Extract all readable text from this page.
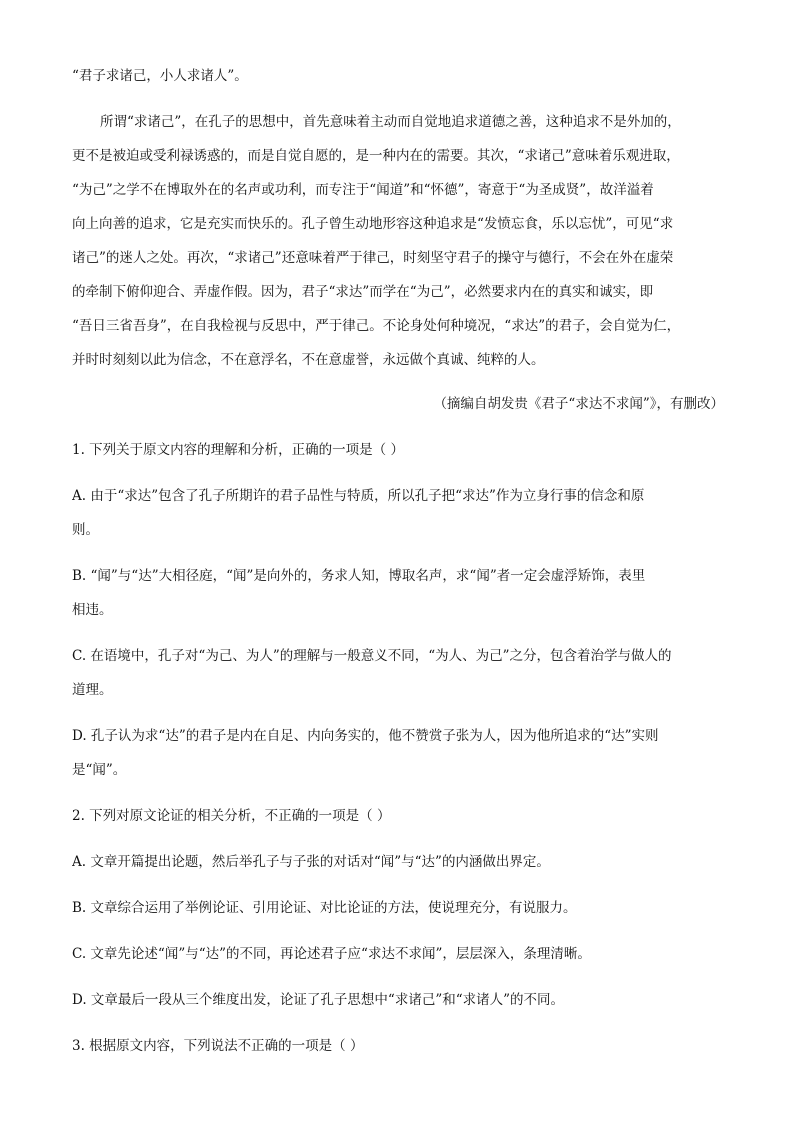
“君子求诸己，小人求诸人”。
所谓“求诸己”，在孔子的思想中，首先意味着主动而自觉地追求道德之善，这种追求不是外加的，
更不是被迫或受利禄诱惑的，而是自觉自愿的，是一种内在的需要。其次，“求诸己”意味着乐观进取，
“为己”之学不在博取外在的名声或功利，而专注于“闻道”和“怀德”，寄意于“为圣成贤”，故洋溢着
向上向善的追求，它是充实而快乐的。孔子曾生动地形容这种追求是“发愤忘食，乐以忘忧”，可见“求
诸己”的迷人之处。再次，“求诸己”还意味着严于律己，时刻坚守君子的操守与德行，不会在外在虚荣
的牵制下俯仰迎合、弄虚作假。因为，君子“求达”而学在“为己”，必然要求内在的真实和诚实，即
“吾日三省吾身”，在自我检视与反思中，严于律己。不论身处何种境况，“求达”的君子，会自觉为仁，
并时时刻刻以此为信念，不在意浮名，不在意虚誉，永远做个真诚、纯粹的人。
（摘编自胡发贵《君子“求达不求闻”》，有删改）
1. 下列关于原文内容的理解和分析，正确的一项是（ ）
A. 由于“求达”包含了孔子所期许的君子品性与特质，所以孔子把“求达”作为立身行事的信念和原
则。
B. “闻”与“达”大相径庭，“闻”是向外的，务求人知，博取名声，求“闻”者一定会虚浮矫饰，表里
相违。
C. 在语境中，孔子对“为己、为人”的理解与一般意义不同，“为人、为己”之分，包含着治学与做人的
道理。
D. 孔子认为求“达”的君子是内在自足、内向务实的，他不赞赏子张为人，因为他所追求的“达”实则
是“闻”。
2. 下列对原文论证的相关分析，不正确的一项是（ ）
A. 文章开篇提出论题，然后举孔子与子张的对话对“闻”与“达”的内涵做出界定。
B. 文章综合运用了举例论证、引用论证、对比论证的方法，使说理充分，有说服力。
C. 文章先论述“闻”与“达”的不同，再论述君子应“求达不求闻”，层层深入，条理清晰。
D. 文章最后一段从三个维度出发，论证了孔子思想中“求诸己”和“求诸人”的不同。
3. 根据原文内容，下列说法不正确的一项是（ ）
